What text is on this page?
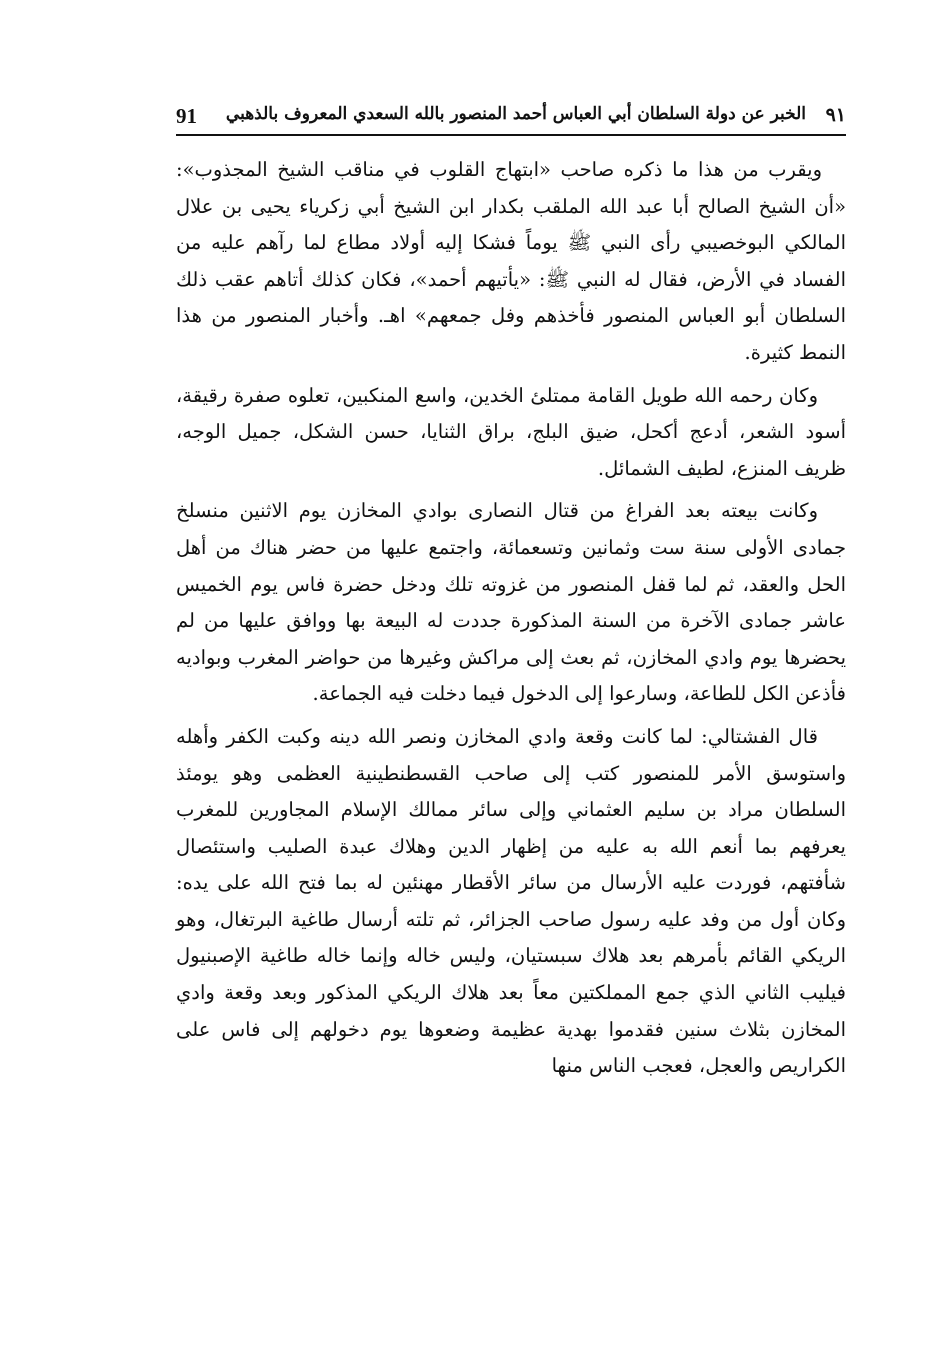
91 الخبر عن دولة السلطان أبي العباس أحمد المنصور بالله السعدي المعروف بالذهبي ٩١

ويقرب من هذا ما ذكره صاحب «ابتهاج القلوب في مناقب الشيخ المجذوب»: «أن الشيخ الصالح أبا عبد الله الملقب بكدار ابن الشيخ أبي زكرياء يحيى بن علال المالكي البوخصيبي رأى النبي ﷺ يوماً فشكا إليه أولاد مطاع لما رآهم عليه من الفساد في الأرض، فقال له النبي ﷺ: «يأتيهم أحمد»، فكان كذلك أتاهم عقب ذلك السلطان أبو العباس المنصور فأخذهم وفل جمعهم» اهـ. وأخبار المنصور من هذا النمط كثيرة.

وكان رحمه الله طويل القامة ممتلئ الخدين، واسع المنكبين، تعلوه صفرة رقيقة، أسود الشعر، أدعج أكحل، ضيق البلج، براق الثنايا، حسن الشكل، جميل الوجه، ظريف المنزع، لطيف الشمائل.

وكانت بيعته بعد الفراغ من قتال النصارى بوادي المخازن يوم الاثنين منسلخ جمادى الأولى سنة ست وثمانين وتسعمائة، واجتمع عليها من حضر هناك من أهل الحل والعقد، ثم لما قفل المنصور من غزوته تلك ودخل حضرة فاس يوم الخميس عاشر جمادى الآخرة من السنة المذكورة جددت له البيعة بها ووافق عليها من لم يحضرها يوم وادي المخازن، ثم بعث إلى مراكش وغيرها من حواضر المغرب وبواديه فأذعن الكل للطاعة، وسارعوا إلى الدخول فيما دخلت فيه الجماعة.

قال الفشتالي: لما كانت وقعة وادي المخازن ونصر الله دينه وكبت الكفر وأهله واستوسق الأمر للمنصور كتب إلى صاحب القسطنطينية العظمى وهو يومئذ السلطان مراد بن سليم العثماني وإلى سائر ممالك الإسلام المجاورين للمغرب يعرفهم بما أنعم الله به عليه من إظهار الدين وهلاك عبدة الصليب واستئصال شأفتهم، فوردت عليه الأرسال من سائر الأقطار مهنئين له بما فتح الله على يده: وكان أول من وفد عليه رسول صاحب الجزائر، ثم تلته أرسال طاغية البرتغال، وهو الريكي القائم بأمرهم بعد هلاك سبستيان، وليس خاله وإنما خاله طاغية الإصبنيول فيليب الثاني الذي جمع المملكتين معاً بعد هلاك الريكي المذكور وبعد وقعة وادي المخازن بثلاث سنين فقدموا بهدية عظيمة وضعوها يوم دخولهم إلى فاس على الكراريص والعجل، فعجب الناس منها
